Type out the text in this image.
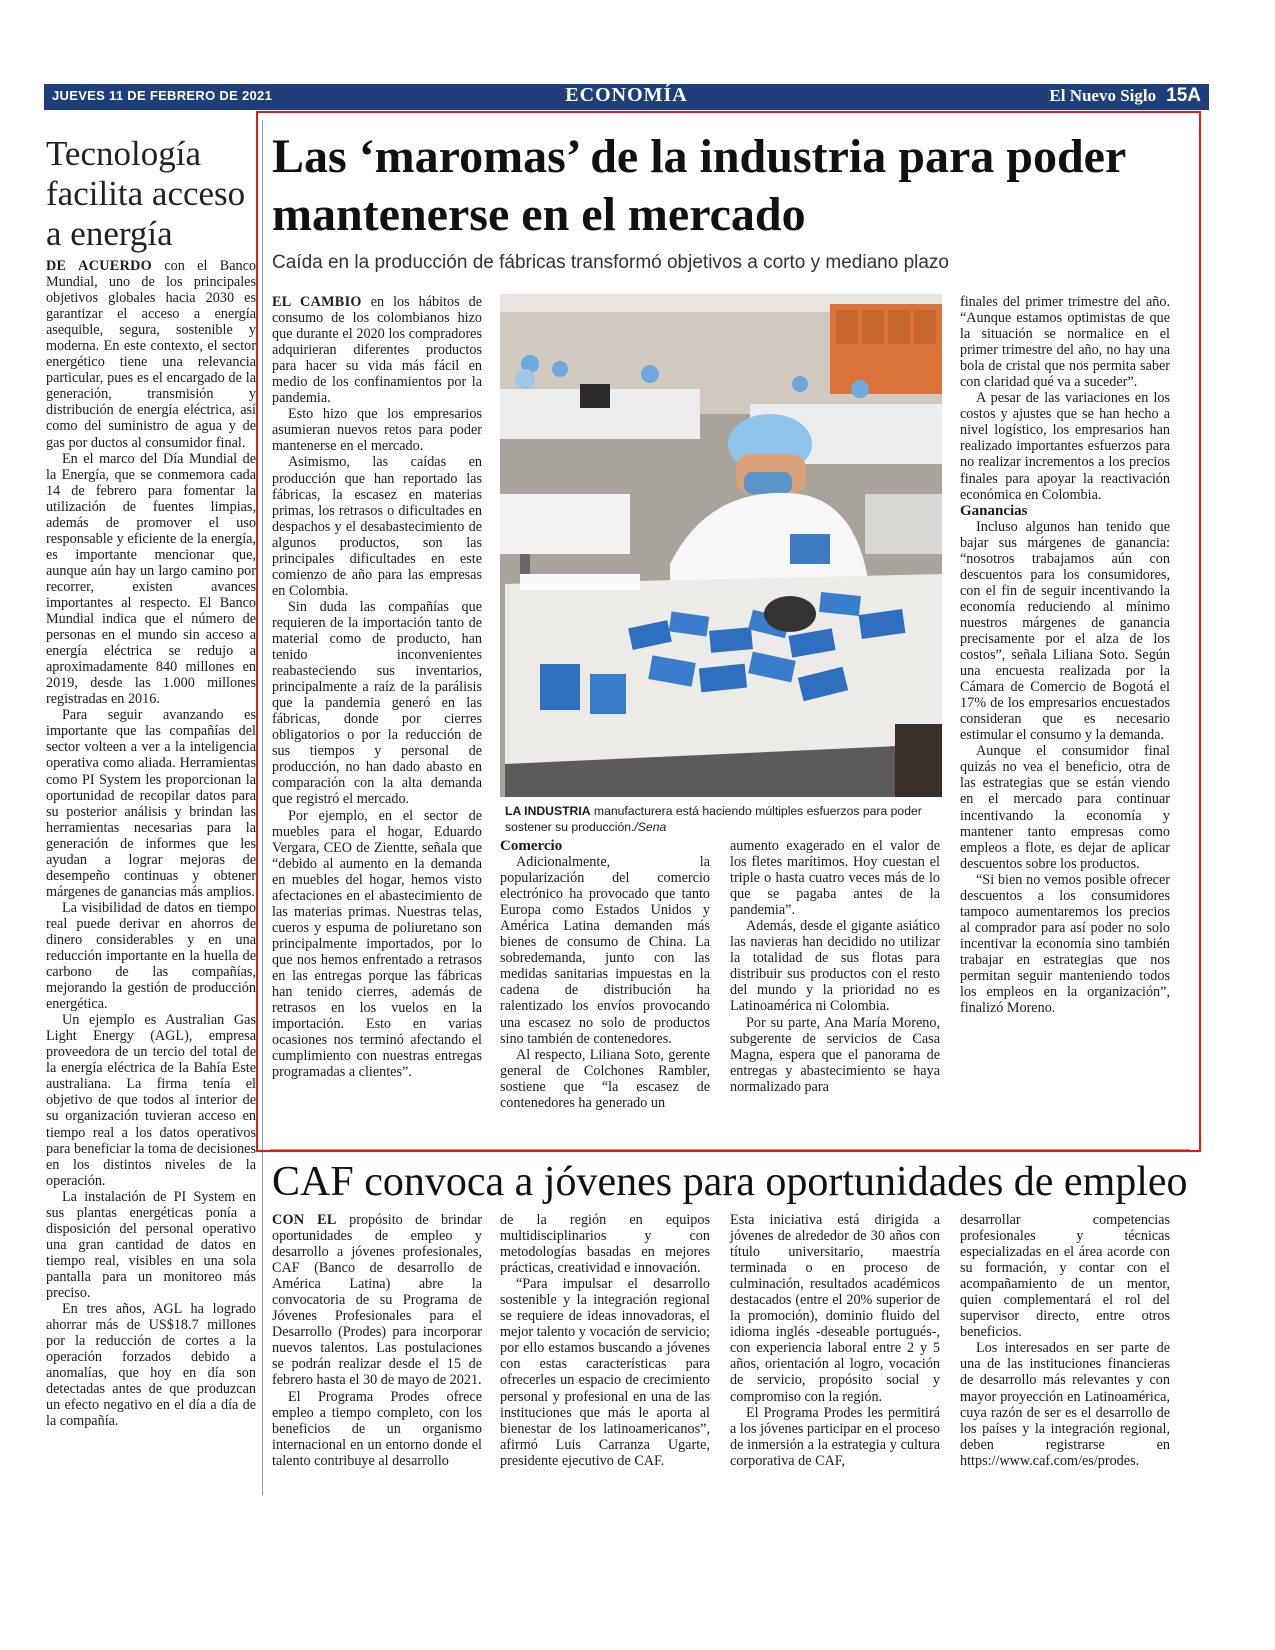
JUEVES 11 DE FEBRERO DE 2021	ECONOMÍA	El Nuevo Siglo 15A
Tecnología facilita acceso a energía

DE ACUERDO con el Banco Mundial, uno de los principales objetivos globales hacia 2030 es garantizar el acceso a energía asequible, segura, sostenible y moderna. En este contexto, el sector energético tiene una relevancia particular, pues es el encargado de la generación, transmisión y distribución de energía eléctrica, así como del suministro de agua y de gas por ductos al consumidor final.

En el marco del Día Mundial de la Energía, que se conmemora cada 14 de febrero para fomentar la utilización de fuentes limpias, además de promover el uso responsable y eficiente de la energía, es importante mencionar que, aunque aún hay un largo camino por recorrer, existen avances importantes al respecto. El Banco Mundial indica que el número de personas en el mundo sin acceso a energía eléctrica se redujo a aproximadamente 840 millones en 2019, desde las 1.000 millones registradas en 2016.

Para seguir avanzando es importante que las compañías del sector volteen a ver a la inteligencia operativa como aliada. Herramientas como PI System les proporcionan la oportunidad de recopilar datos para su posterior análisis y brindan las herramientas necesarias para la generación de informes que les ayudan a lograr mejoras de desempeño continuas y obtener márgenes de ganancias más amplios.

La visibilidad de datos en tiempo real puede derivar en ahorros de dinero considerables y en una reducción importante en la huella de carbono de las compañías, mejorando la gestión de producción energética.

Un ejemplo es Australian Gas Light Energy (AGL), empresa proveedora de un tercio del total de la energía eléctrica de la Bahía Este australiana. La firma tenía el objetivo de que todos al interior de su organización tuvieran acceso en tiempo real a los datos operativos para beneficiar la toma de decisiones en los distintos niveles de la operación.

La instalación de PI System en sus plantas energéticas ponía a disposición del personal operativo una gran cantidad de datos en tiempo real, visibles en una sola pantalla para un monitoreo más preciso.

En tres años, AGL ha logrado ahorrar más de US$18.7 millones por la reducción de cortes a la operación forzados debido a anomalías, que hoy en día son detectadas antes de que produzcan un efecto negativo en el día a día de la compañía.

Las ‘maromas’ de la industria para poder mantenerse en el mercado
Caída en la producción de fábricas transformó objetivos a corto y mediano plazo

EL CAMBIO en los hábitos de consumo de los colombianos hizo que durante el 2020 los compradores adquirieran diferentes productos para hacer su vida más fácil en medio de los confinamientos por la pandemia.

Esto hizo que los empresarios asumieran nuevos retos para poder mantenerse en el mercado.

Asimismo, las caídas en producción que han reportado las fábricas, la escasez en materias primas, los retrasos o dificultades en despachos y el desabastecimiento de algunos productos, son las principales dificultades en este comienzo de año para las empresas en Colombia.

Sin duda las compañías que requieren de la importación tanto de material como de producto, han tenido inconvenientes reabasteciendo sus inventarios, principalmente a raíz de la parálisis que la pandemia generó en las fábricas, donde por cierres obligatorios o por la reducción de sus tiempos y personal de producción, no han dado abasto en comparación con la alta demanda que registró el mercado.

Por ejemplo, en el sector de muebles para el hogar, Eduardo Vergara, CEO de Zientte, señala que “debido al aumento en la demanda en muebles del hogar, hemos visto afectaciones en el abastecimiento de las materias primas. Nuestras telas, cueros y espuma de poliuretano son principalmente importados, por lo que nos hemos enfrentado a retrasos en las entregas porque las fábricas han tenido cierres, además de retrasos en los vuelos en la importación. Esto en varias ocasiones nos terminó afectando el cumplimiento con nuestras entregas programadas a clientes”.

LA INDUSTRIA manufacturera está haciendo múltiples esfuerzos para poder sostener su producción./Sena

Comercio

Adicionalmente, la popularización del comercio electrónico ha provocado que tanto Europa como Estados Unidos y América Latina demanden más bienes de consumo de China. La sobredemanda, junto con las medidas sanitarias impuestas en la cadena de distribución ha ralentizado los envíos provocando una escasez no solo de productos sino también de contenedores.

Al respecto, Liliana Soto, gerente general de Colchones Rambler, sostiene que “la escasez de contenedores ha generado un

aumento exagerado en el valor de los fletes marítimos. Hoy cuestan el triple o hasta cuatro veces más de lo que se pagaba antes de la pandemia”.

Además, desde el gigante asiático las navieras han decidido no utilizar la totalidad de sus flotas para distribuir sus productos con el resto del mundo y la prioridad no es Latinoamérica ni Colombia.

Por su parte, Ana María Moreno, subgerente de servicios de Casa Magna, espera que el panorama de entregas y abastecimiento se haya normalizado para

finales del primer trimestre del año. “Aunque estamos optimistas de que la situación se normalice en el primer trimestre del año, no hay una bola de cristal que nos permita saber con claridad qué va a suceder”.

A pesar de las variaciones en los costos y ajustes que se han hecho a nivel logístico, los empresarios han realizado importantes esfuerzos para no realizar incrementos a los precios finales para apoyar la reactivación económica en Colombia.

Ganancias

Incluso algunos han tenido que bajar sus márgenes de ganancia: “nosotros trabajamos aún con descuentos para los consumidores, con el fin de seguir incentivando la economía reduciendo al mínimo nuestros márgenes de ganancia precisamente por el alza de los costos”, señala Liliana Soto. Según una encuesta realizada por la Cámara de Comercio de Bogotá el 17% de los empresarios encuestados consideran que es necesario estimular el consumo y la demanda.

Aunque el consumidor final quizás no vea el beneficio, otra de las estrategias que se están viendo en el mercado para continuar incentivando la economía y mantener tanto empresas como empleos a flote, es dejar de aplicar descuentos sobre los productos.

“Si bien no vemos posible ofrecer descuentos a los consumidores tampoco aumentaremos los precios al comprador para así poder no solo incentivar la economía sino también trabajar en estrategias que nos permitan seguir manteniendo todos los empleos en la organización”, finalizó Moreno.

CAF convoca a jóvenes para oportunidades de empleo

CON EL propósito de brindar oportunidades de empleo y desarrollo a jóvenes profesionales, CAF (Banco de desarrollo de América Latina) abre la convocatoria de su Programa de Jóvenes Profesionales para el Desarrollo (Prodes) para incorporar nuevos talentos. Las postulaciones se podrán realizar desde el 15 de febrero hasta el 30 de mayo de 2021.

El Programa Prodes ofrece empleo a tiempo completo, con los beneficios de un organismo internacional en un entorno donde el talento contribuye al desarrollo

de la región en equipos multidisciplinarios y con metodologías basadas en mejores prácticas, creatividad e innovación.

“Para impulsar el desarrollo sostenible y la integración regional se requiere de ideas innovadoras, el mejor talento y vocación de servicio; por ello estamos buscando a jóvenes con estas características para ofrecerles un espacio de crecimiento personal y profesional en una de las instituciones que más le aporta al bienestar de los latinoamericanos”, afirmó Luis Carranza Ugarte, presidente ejecutivo de CAF.

Esta iniciativa está dirigida a jóvenes de alrededor de 30 años con título universitario, maestría terminada o en proceso de culminación, resultados académicos destacados (entre el 20% superior de la promoción), dominio fluido del idioma inglés -deseable portugués-, con experiencia laboral entre 2 y 5 años, orientación al logro, vocación de servicio, propósito social y compromiso con la región.

El Programa Prodes les permitirá a los jóvenes participar en el proceso de inmersión a la estrategia y cultura corporativa de CAF,

desarrollar competencias profesionales y técnicas especializadas en el área acorde con su formación, y contar con el acompañamiento de un mentor, quien complementará el rol del supervisor directo, entre otros beneficios.

Los interesados en ser parte de una de las instituciones financieras de desarrollo más relevantes y con mayor proyección en Latinoamérica, cuya razón de ser es el desarrollo de los países y la integración regional, deben registrarse en https://www.caf.com/es/prodes.
